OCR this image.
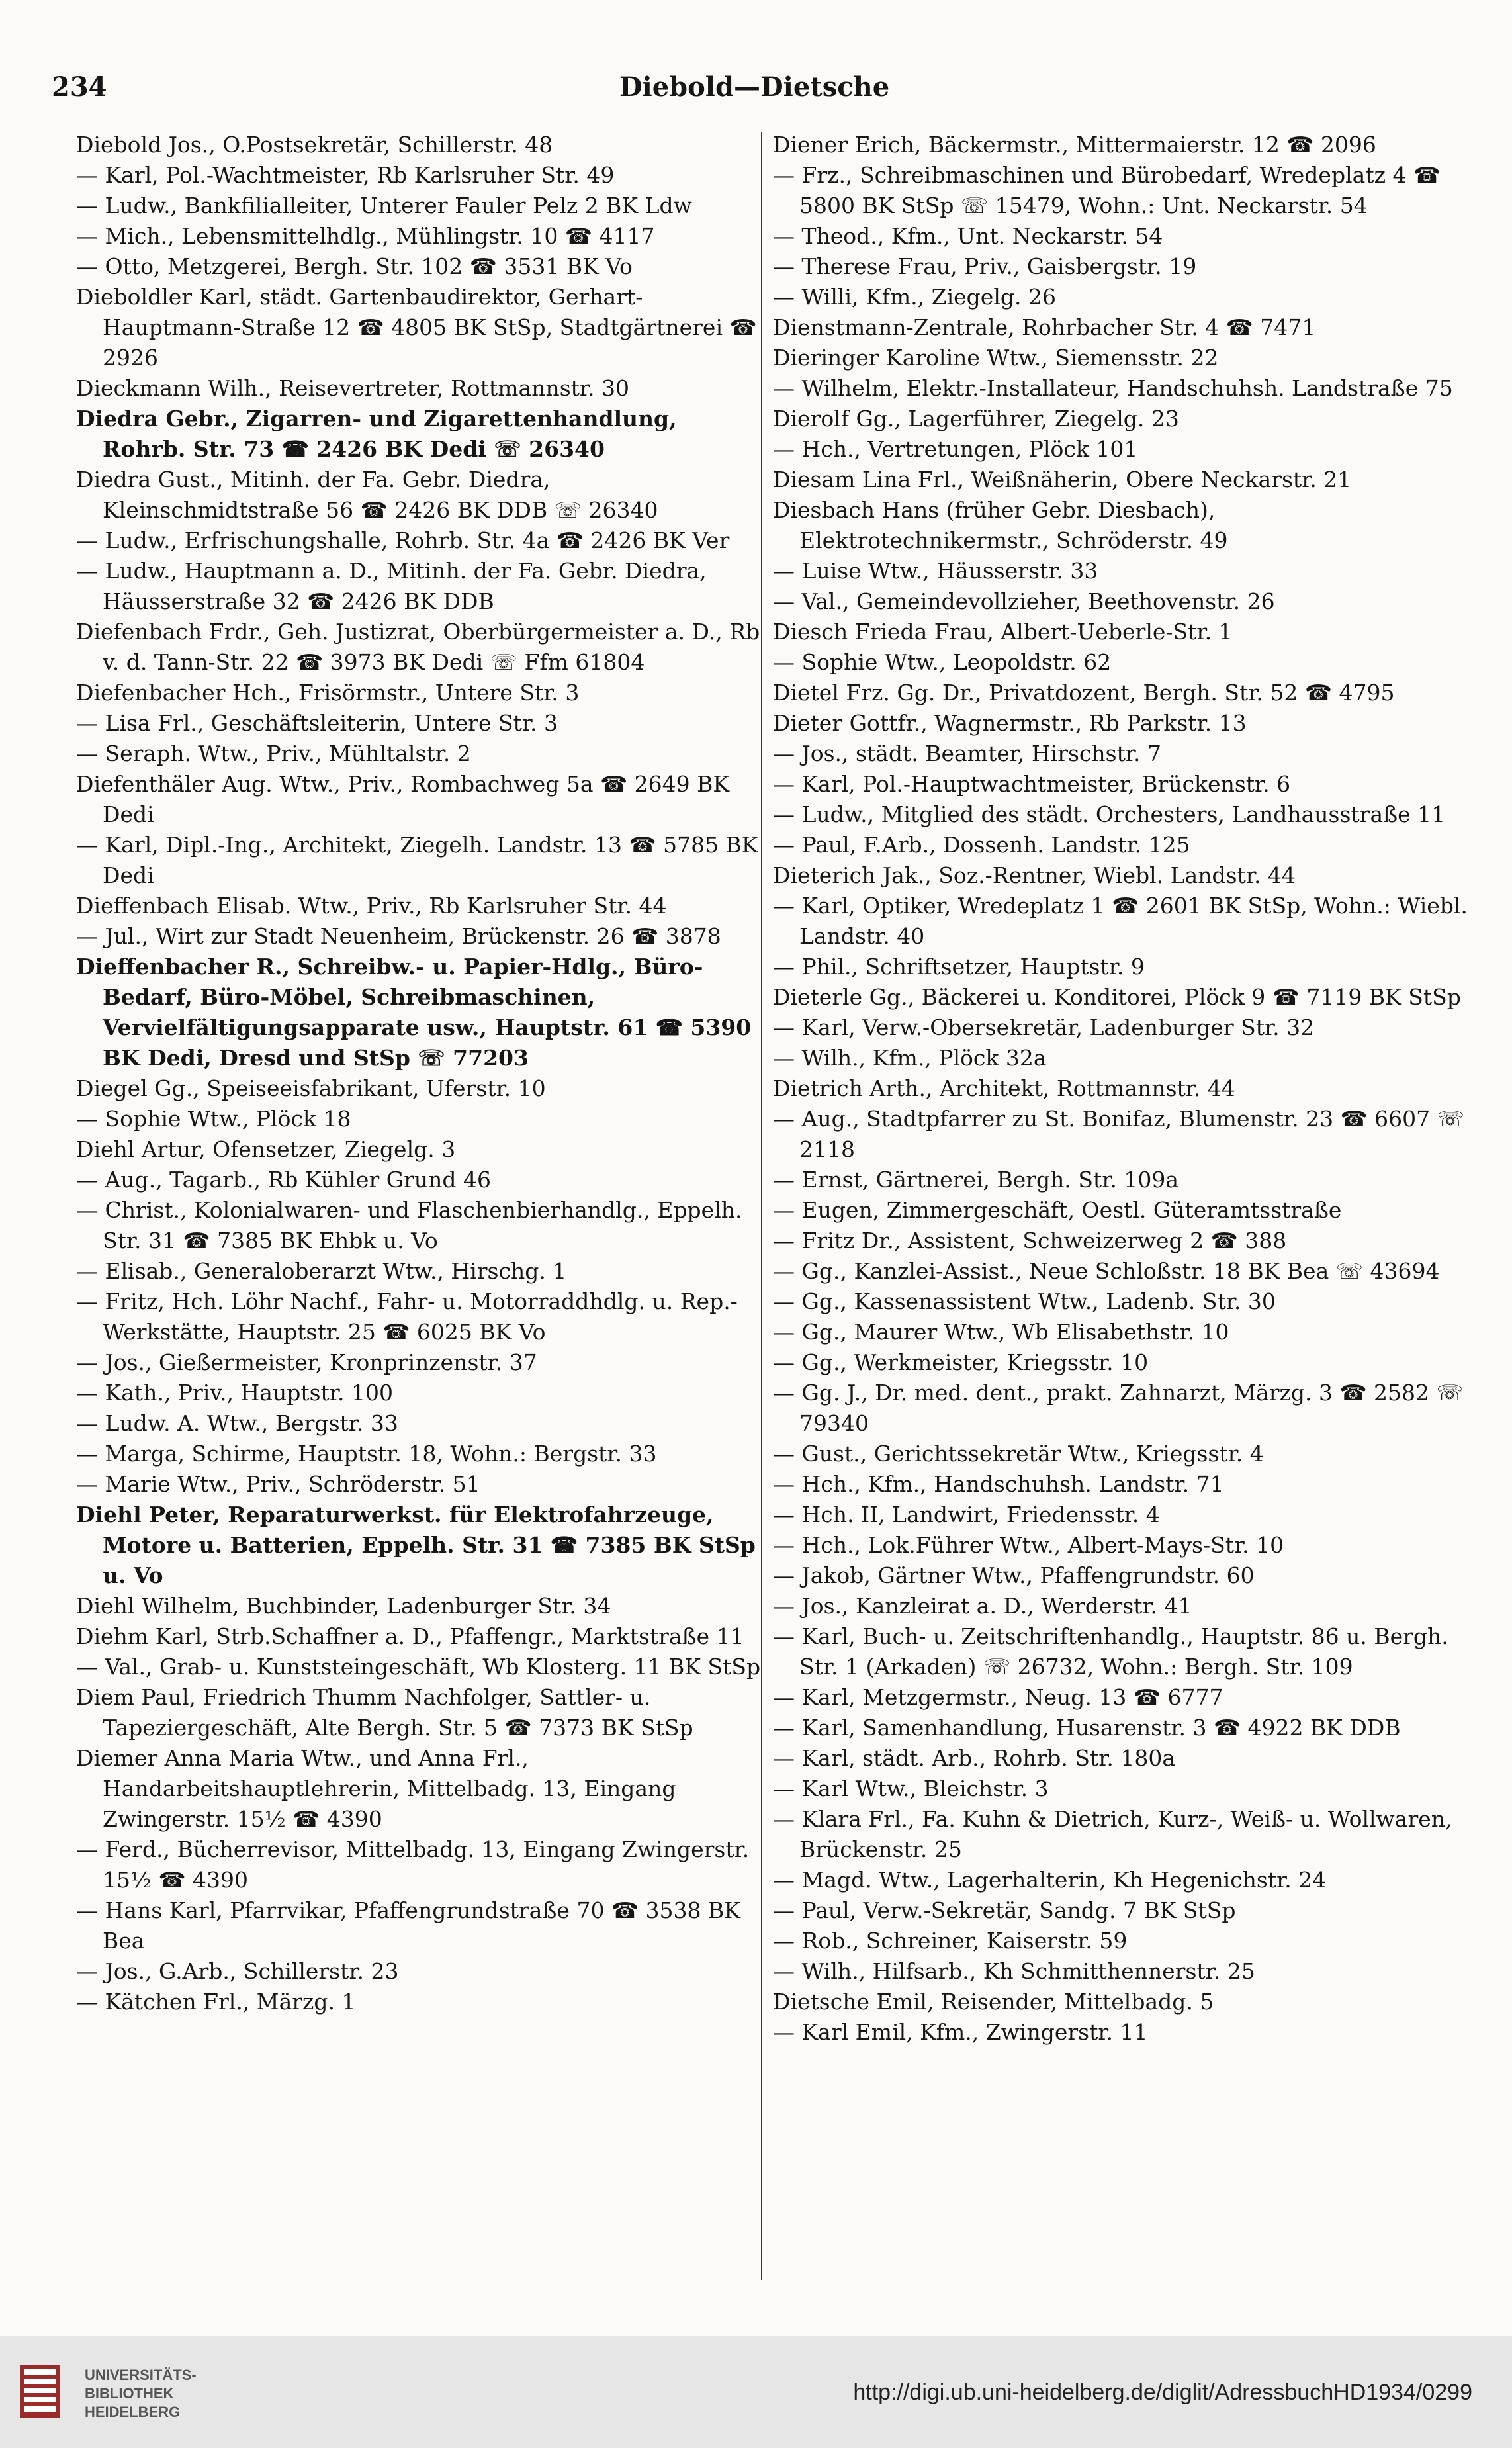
234	Diebold—Dietsche

Diebold Jos., O.Postsekretär, Schillerstr. 48

— Karl, Pol.-Wachtmeister, Rb Karlsruher Str. 49

— Ludw., Bankfilialleiter, Unterer Fauler Pelz 2 BK Ldw

— Mich., Lebensmittelhdlg., Mühlingstr. 10 ☎ 4117

— Otto, Metzgerei, Bergh. Str. 102 ☎ 3531 BK Vo

Dieboldler Karl, städt. Gartenbaudirektor, Gerhart-Hauptmann-Straße 12 ☎ 4805 BK StSp, Stadtgärtnerei ☎ 2926

Dieckmann Wilh., Reisevertreter, Rottmannstr. 30

Diedra Gebr., Zigarren- und Zigarettenhandlung, Rohrb. Str. 73 ☎ 2426 BK Dedi ☏ 26340

Diedra Gust., Mitinh. der Fa. Gebr. Diedra, Kleinschmidtstraße 56 ☎ 2426 BK DDB ☏ 26340

— Ludw., Erfrischungshalle, Rohrb. Str. 4a ☎ 2426 BK Ver

— Ludw., Hauptmann a. D., Mitinh. der Fa. Gebr. Diedra, Häusserstraße 32 ☎ 2426 BK DDB

Diefenbach Frdr., Geh. Justizrat, Oberbürgermeister a. D., Rb v. d. Tann-Str. 22 ☎ 3973 BK Dedi ☏ Ffm 61804

Diefenbacher Hch., Frisörmstr., Untere Str. 3

— Lisa Frl., Geschäftsleiterin, Untere Str. 3

— Seraph. Wtw., Priv., Mühltalstr. 2

Diefenthäler Aug. Wtw., Priv., Rombachweg 5a ☎ 2649 BK Dedi

— Karl, Dipl.-Ing., Architekt, Ziegelh. Landstr. 13 ☎ 5785 BK Dedi

Dieffenbach Elisab. Wtw., Priv., Rb Karlsruher Str. 44

— Jul., Wirt zur Stadt Neuenheim, Brückenstr. 26 ☎ 3878

Dieffenbacher R., Schreibw.- u. Papier-Hdlg., Büro-Bedarf, Büro-Möbel, Schreibmaschinen, Vervielfältigungsapparate usw., Hauptstr. 61 ☎ 5390 BK Dedi, Dresd und StSp ☏ 77203

Diegel Gg., Speiseeisfabrikant, Uferstr. 10

— Sophie Wtw., Plöck 18

Diehl Artur, Ofensetzer, Ziegelg. 3

— Aug., Tagarb., Rb Kühler Grund 46

— Christ., Kolonialwaren- und Flaschenbierhandlg., Eppelh. Str. 31 ☎ 7385 BK Ehbk u. Vo

— Elisab., Generaloberarzt Wtw., Hirschg. 1

— Fritz, Hch. Löhr Nachf., Fahr- u. Motorraddhdlg. u. Rep.-Werkstätte, Hauptstr. 25 ☎ 6025 BK Vo

— Jos., Gießermeister, Kronprinzenstr. 37

— Kath., Priv., Hauptstr. 100

— Ludw. A. Wtw., Bergstr. 33

— Marga, Schirme, Hauptstr. 18, Wohn.: Bergstr. 33

— Marie Wtw., Priv., Schröderstr. 51

Diehl Peter, Reparaturwerkst. für Elektrofahrzeuge, Motore u. Batterien, Eppelh. Str. 31 ☎ 7385 BK StSp u. Vo

Diehl Wilhelm, Buchbinder, Ladenburger Str. 34

Diehm Karl, Strb.Schaffner a. D., Pfaffengr., Marktstraße 11

— Val., Grab- u. Kunststeingeschäft, Wb Klosterg. 11 BK StSp

Diem Paul, Friedrich Thumm Nachfolger, Sattler- u. Tapeziergeschäft, Alte Bergh. Str. 5 ☎ 7373 BK StSp

Diemer Anna Maria Wtw., und Anna Frl., Handarbeitshauptlehrerin, Mittelbadg. 13, Eingang Zwingerstr. 15½ ☎ 4390

— Ferd., Bücherrevisor, Mittelbadg. 13, Eingang Zwingerstr. 15½ ☎ 4390

— Hans Karl, Pfarrvikar, Pfaffengrundstraße 70 ☎ 3538 BK Bea

— Jos., G.Arb., Schillerstr. 23

— Kätchen Frl., Märzg. 1

Diener Erich, Bäckermstr., Mittermaierstr. 12 ☎ 2096

— Frz., Schreibmaschinen und Bürobedarf, Wredeplatz 4 ☎ 5800 BK StSp ☏ 15479, Wohn.: Unt. Neckarstr. 54

— Theod., Kfm., Unt. Neckarstr. 54

— Therese Frau, Priv., Gaisbergstr. 19

— Willi, Kfm., Ziegelg. 26

Dienstmann-Zentrale, Rohrbacher Str. 4 ☎ 7471

Dieringer Karoline Wtw., Siemensstr. 22

— Wilhelm, Elektr.-Installateur, Handschuhsh. Landstraße 75

Dierolf Gg., Lagerführer, Ziegelg. 23

— Hch., Vertretungen, Plöck 101

Diesam Lina Frl., Weißnäherin, Obere Neckarstr. 21

Diesbach Hans (früher Gebr. Diesbach), Elektrotechnikermstr., Schröderstr. 49

— Luise Wtw., Häusserstr. 33

— Val., Gemeindevollzieher, Beethovenstr. 26

Diesch Frieda Frau, Albert-Ueberle-Str. 1

— Sophie Wtw., Leopoldstr. 62

Dietel Frz. Gg. Dr., Privatdozent, Bergh. Str. 52 ☎ 4795

Dieter Gottfr., Wagnermstr., Rb Parkstr. 13

— Jos., städt. Beamter, Hirschstr. 7

— Karl, Pol.-Hauptwachtmeister, Brückenstr. 6

— Ludw., Mitglied des städt. Orchesters, Landhausstraße 11

— Paul, F.Arb., Dossenh. Landstr. 125

Dieterich Jak., Soz.-Rentner, Wiebl. Landstr. 44

— Karl, Optiker, Wredeplatz 1 ☎ 2601 BK StSp, Wohn.: Wiebl. Landstr. 40

— Phil., Schriftsetzer, Hauptstr. 9

Dieterle Gg., Bäckerei u. Konditorei, Plöck 9 ☎ 7119 BK StSp

— Karl, Verw.-Obersekretär, Ladenburger Str. 32

— Wilh., Kfm., Plöck 32a

Dietrich Arth., Architekt, Rottmannstr. 44

— Aug., Stadtpfarrer zu St. Bonifaz, Blumenstr. 23 ☎ 6607 ☏ 2118

— Ernst, Gärtnerei, Bergh. Str. 109a

— Eugen, Zimmergeschäft, Oestl. Güteramtsstraße

— Fritz Dr., Assistent, Schweizerweg 2 ☎ 388

— Gg., Kanzlei-Assist., Neue Schloßstr. 18 BK Bea ☏ 43694

— Gg., Kassenassistent Wtw., Ladenb. Str. 30

— Gg., Maurer Wtw., Wb Elisabethstr. 10

— Gg., Werkmeister, Kriegsstr. 10

— Gg. J., Dr. med. dent., prakt. Zahnarzt, Märzg. 3 ☎ 2582 ☏ 79340

— Gust., Gerichtssekretär Wtw., Kriegsstr. 4

— Hch., Kfm., Handschuhsh. Landstr. 71

— Hch. II, Landwirt, Friedensstr. 4

— Hch., Lok.Führer Wtw., Albert-Mays-Str. 10

— Jakob, Gärtner Wtw., Pfaffengrundstr. 60

— Jos., Kanzleirat a. D., Werderstr. 41

— Karl, Buch- u. Zeitschriftenhandlg., Hauptstr. 86 u. Bergh. Str. 1 (Arkaden) ☏ 26732, Wohn.: Bergh. Str. 109

— Karl, Metzgermstr., Neug. 13 ☎ 6777

— Karl, Samenhandlung, Husarenstr. 3 ☎ 4922 BK DDB

— Karl, städt. Arb., Rohrb. Str. 180a

— Karl Wtw., Bleichstr. 3

— Klara Frl., Fa. Kuhn & Dietrich, Kurz-, Weiß- u. Wollwaren, Brückenstr. 25

— Magd. Wtw., Lagerhalterin, Kh Hegenichstr. 24

— Paul, Verw.-Sekretär, Sandg. 7 BK StSp

— Rob., Schreiner, Kaiserstr. 59

— Wilh., Hilfsarb., Kh Schmitthennerstr. 25

Dietsche Emil, Reisender, Mittelbadg. 5

— Karl Emil, Kfm., Zwingerstr. 11

UNIVERSITÄTS-
BIBLIOTHEK
HEIDELBERG
http://digi.ub.uni-heidelberg.de/diglit/AdressbuchHD1934/0299
